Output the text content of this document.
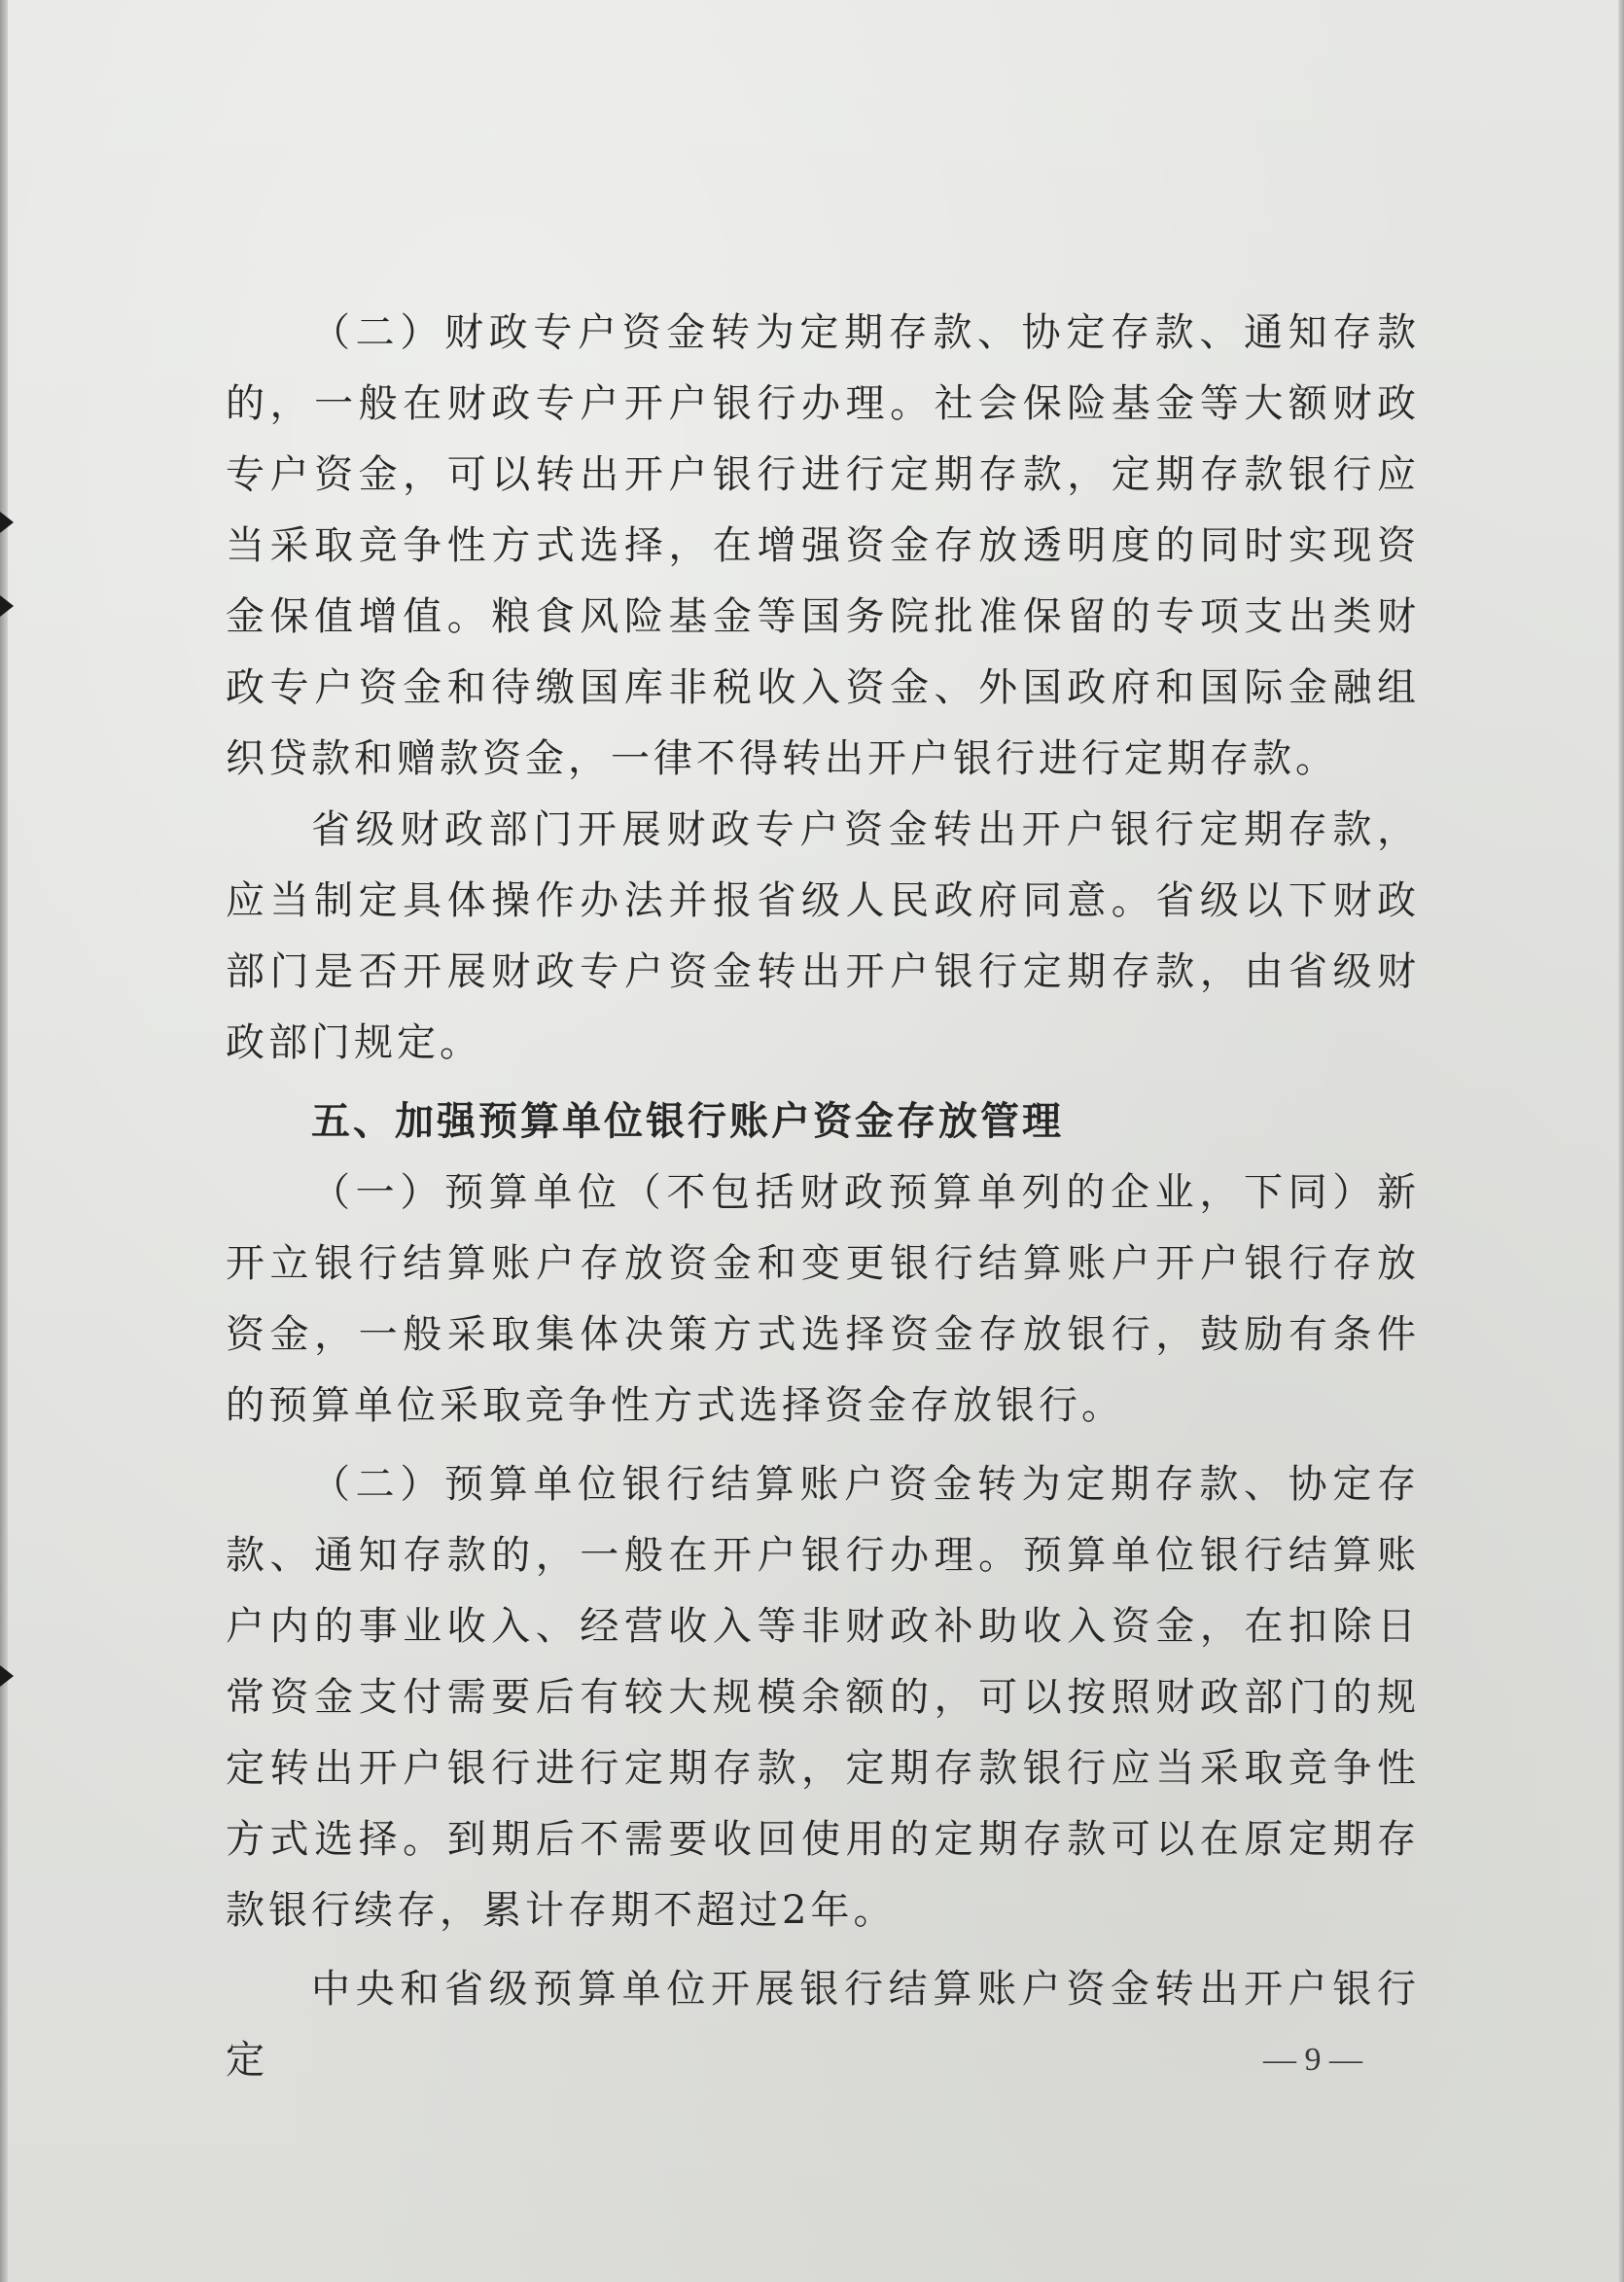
（二）财政专户资金转为定期存款、协定存款、通知存款的，一般在财政专户开户银行办理。社会保险基金等大额财政专户资金，可以转出开户银行进行定期存款，定期存款银行应当采取竞争性方式选择，在增强资金存放透明度的同时实现资金保值增值。粮食风险基金等国务院批准保留的专项支出类财政专户资金和待缴国库非税收入资金、外国政府和国际金融组织贷款和赠款资金，一律不得转出开户银行进行定期存款。

省级财政部门开展财政专户资金转出开户银行定期存款，应当制定具体操作办法并报省级人民政府同意。省级以下财政部门是否开展财政专户资金转出开户银行定期存款，由省级财政部门规定。

五、加强预算单位银行账户资金存放管理

（一）预算单位（不包括财政预算单列的企业，下同）新开立银行结算账户存放资金和变更银行结算账户开户银行存放资金，一般采取集体决策方式选择资金存放银行，鼓励有条件的预算单位采取竞争性方式选择资金存放银行。

（二）预算单位银行结算账户资金转为定期存款、协定存款、通知存款的，一般在开户银行办理。预算单位银行结算账户内的事业收入、经营收入等非财政补助收入资金，在扣除日常资金支付需要后有较大规模余额的，可以按照财政部门的规定转出开户银行进行定期存款，定期存款银行应当采取竞争性方式选择。到期后不需要收回使用的定期存款可以在原定期存款银行续存，累计存期不超过2年。

中央和省级预算单位开展银行结算账户资金转出开户银行定	— 9 —
